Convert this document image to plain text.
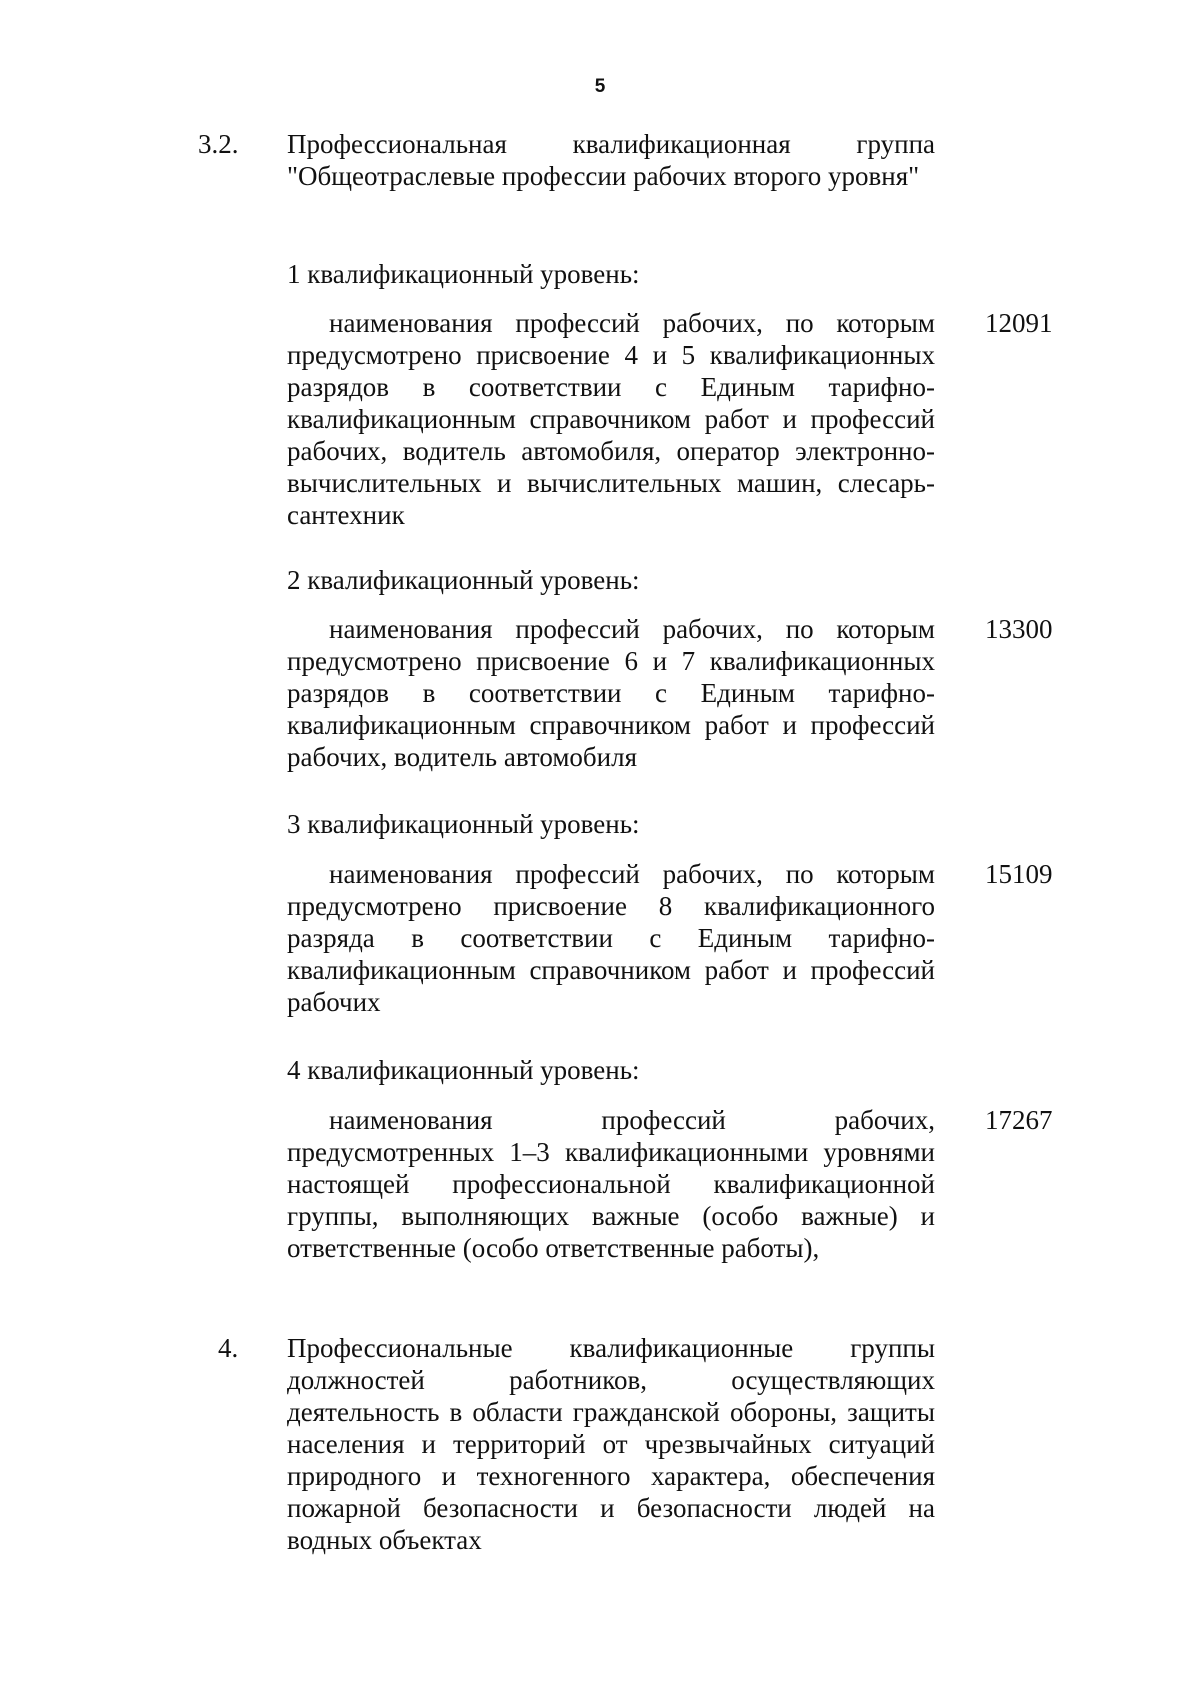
5
3.2. Профессиональная квалификационная группа "Общеотраслевые профессии рабочих второго уровня"
1 квалификационный уровень:
наименования профессий рабочих, по которым предусмотрено присвоение 4 и 5 квалификационных разрядов в соответствии с Единым тарифно-квалификационным справочником работ и профессий рабочих, водитель автомобиля, оператор электронно-вычислительных и вычислительных машин, слесарь-сантехник
12091
2 квалификационный уровень:
наименования профессий рабочих, по которым предусмотрено присвоение 6 и 7 квалификационных разрядов в соответствии с Единым тарифно-квалификационным справочником работ и профессий рабочих, водитель автомобиля
13300
3 квалификационный уровень:
наименования профессий рабочих, по которым предусмотрено присвоение 8 квалификационного разряда в соответствии с Единым тарифно-квалификационным справочником работ и профессий рабочих
15109
4 квалификационный уровень:
наименования профессий рабочих, предусмотренных 1–3 квалификационными уровнями настоящей профессиональной квалификационной группы, выполняющих важные (особо важные) и ответственные (особо ответственные работы),
17267
4. Профессиональные квалификационные группы должностей работников, осуществляющих деятельность в области гражданской обороны, защиты населения и территорий от чрезвычайных ситуаций природного и техногенного характера, обеспечения пожарной безопасности и безопасности людей на водных объектах
